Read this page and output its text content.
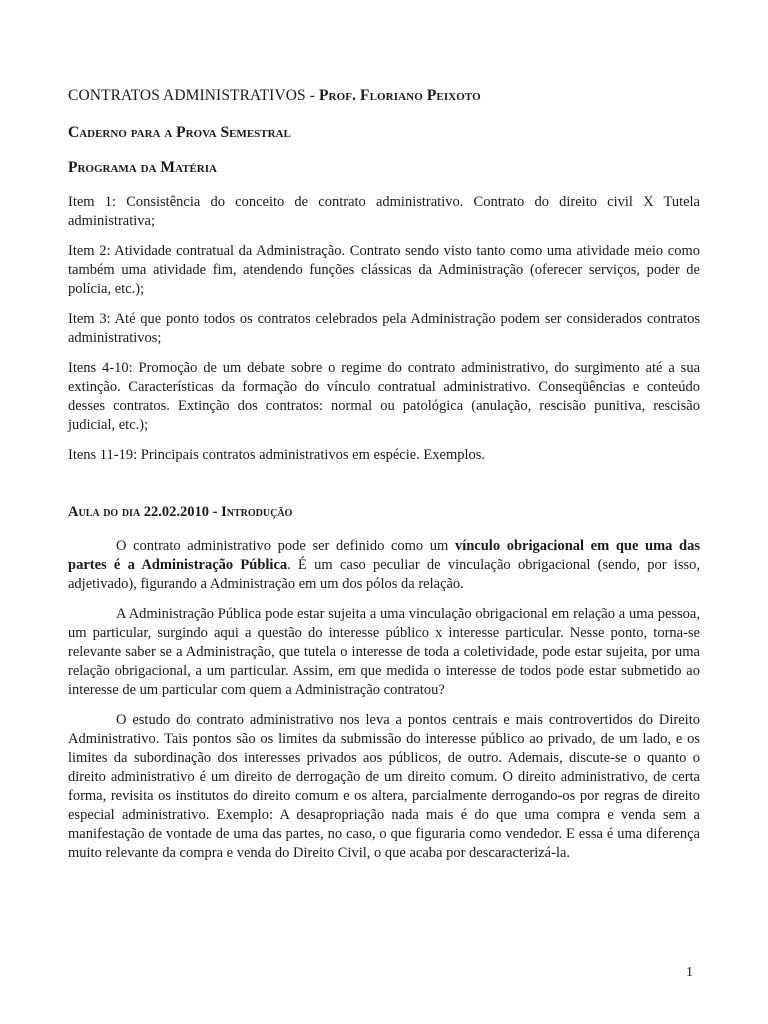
CONTRATOS ADMINISTRATIVOS - Prof. Floriano Peixoto
Caderno para a Prova Semestral
Programa da Matéria

Item 1: Consistência do conceito de contrato administrativo. Contrato do direito civil X Tutela administrativa;

Item 2: Atividade contratual da Administração. Contrato sendo visto tanto como uma atividade meio como também uma atividade fim, atendendo funções clássicas da Administração (oferecer serviços, poder de polícia, etc.);

Item 3: Até que ponto todos os contratos celebrados pela Administração podem ser considerados contratos administrativos;

Itens 4-10: Promoção de um debate sobre o regime do contrato administrativo, do surgimento até a sua extinção. Características da formação do vínculo contratual administrativo. Conseqüências e conteúdo desses contratos. Extinção dos contratos: normal ou patológica (anulação, rescisão punitiva, rescisão judicial, etc.);

Itens 11-19: Principais contratos administrativos em espécie. Exemplos.

Aula do dia 22.02.2010 - Introdução

O contrato administrativo pode ser definido como um vínculo obrigacional em que uma das partes é a Administração Pública. É um caso peculiar de vinculação obrigacional (sendo, por isso, adjetivado), figurando a Administração em um dos pólos da relação.

A Administração Pública pode estar sujeita a uma vinculação obrigacional em relação a uma pessoa, um particular, surgindo aqui a questão do interesse público x interesse particular. Nesse ponto, torna-se relevante saber se a Administração, que tutela o interesse de toda a coletividade, pode estar sujeita, por uma relação obrigacional, a um particular. Assim, em que medida o interesse de todos pode estar submetido ao interesse de um particular com quem a Administração contratou?

O estudo do contrato administrativo nos leva a pontos centrais e mais controvertidos do Direito Administrativo. Tais pontos são os limites da submissão do interesse público ao privado, de um lado, e os limites da subordinação dos interesses privados aos públicos, de outro. Ademais, discute-se o quanto o direito administrativo é um direito de derrogação de um direito comum. O direito administrativo, de certa forma, revisita os institutos do direito comum e os altera, parcialmente derrogando-os por regras de direito especial administrativo. Exemplo: A desapropriação nada mais é do que uma compra e venda sem a manifestação de vontade de uma das partes, no caso, o que figuraria como vendedor. E essa é uma diferença muito relevante da compra e venda do Direito Civil, o que acaba por descaracterizá-la.

1
